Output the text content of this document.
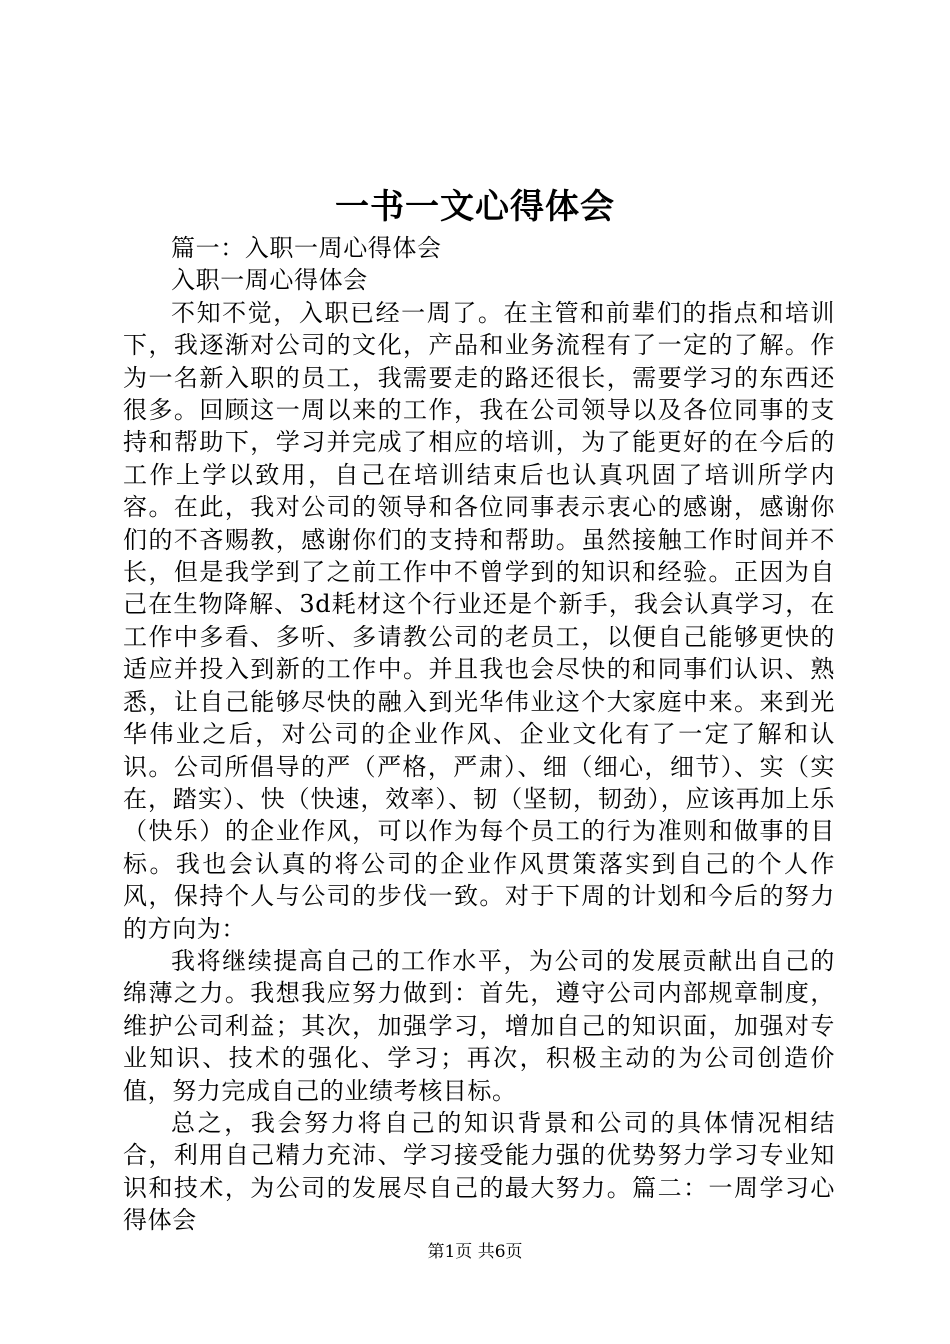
一书一文心得体会

篇一：入职一周心得体会

入职一周心得体会

不知不觉，入职已经一周了。在主管和前辈们的指点和培训下，我逐渐对公司的文化，产品和业务流程有了一定的了解。作为一名新入职的员工，我需要走的路还很长，需要学习的东西还很多。回顾这一周以来的工作，我在公司领导以及各位同事的支持和帮助下，学习并完成了相应的培训，为了能更好的在今后的工作上学以致用，自己在培训结束后也认真巩固了培训所学内容。在此，我对公司的领导和各位同事表示衷心的感谢，感谢你们的不吝赐教，感谢你们的支持和帮助。虽然接触工作时间并不长，但是我学到了之前工作中不曾学到的知识和经验。正因为自己在生物降解、3d耗材这个行业还是个新手，我会认真学习，在工作中多看、多听、多请教公司的老员工，以便自己能够更快的适应并投入到新的工作中。并且我也会尽快的和同事们认识、熟悉，让自己能够尽快的融入到光华伟业这个大家庭中来。来到光华伟业之后，对公司的企业作风、企业文化有了一定了解和认识。公司所倡导的严（严格，严肃）、细（细心，细节）、实（实在，踏实）、快（快速，效率）、韧（坚韧，韧劲），应该再加上乐（快乐）的企业作风，可以作为每个员工的行为准则和做事的目标。我也会认真的将公司的企业作风贯策落实到自己的个人作风，保持个人与公司的步伐一致。对于下周的计划和今后的努力的方向为：

我将继续提高自己的工作水平，为公司的发展贡献出自己的绵薄之力。我想我应努力做到：首先，遵守公司内部规章制度，维护公司利益；其次，加强学习，增加自己的知识面，加强对专业知识、技术的强化、学习；再次，积极主动的为公司创造价值，努力完成自己的业绩考核目标。

总之，我会努力将自己的知识背景和公司的具体情况相结合，利用自己精力充沛、学习接受能力强的优势努力学习专业知识和技术，为公司的发展尽自己的最大努力。篇二：一周学习心得体会

第1页 共6页
